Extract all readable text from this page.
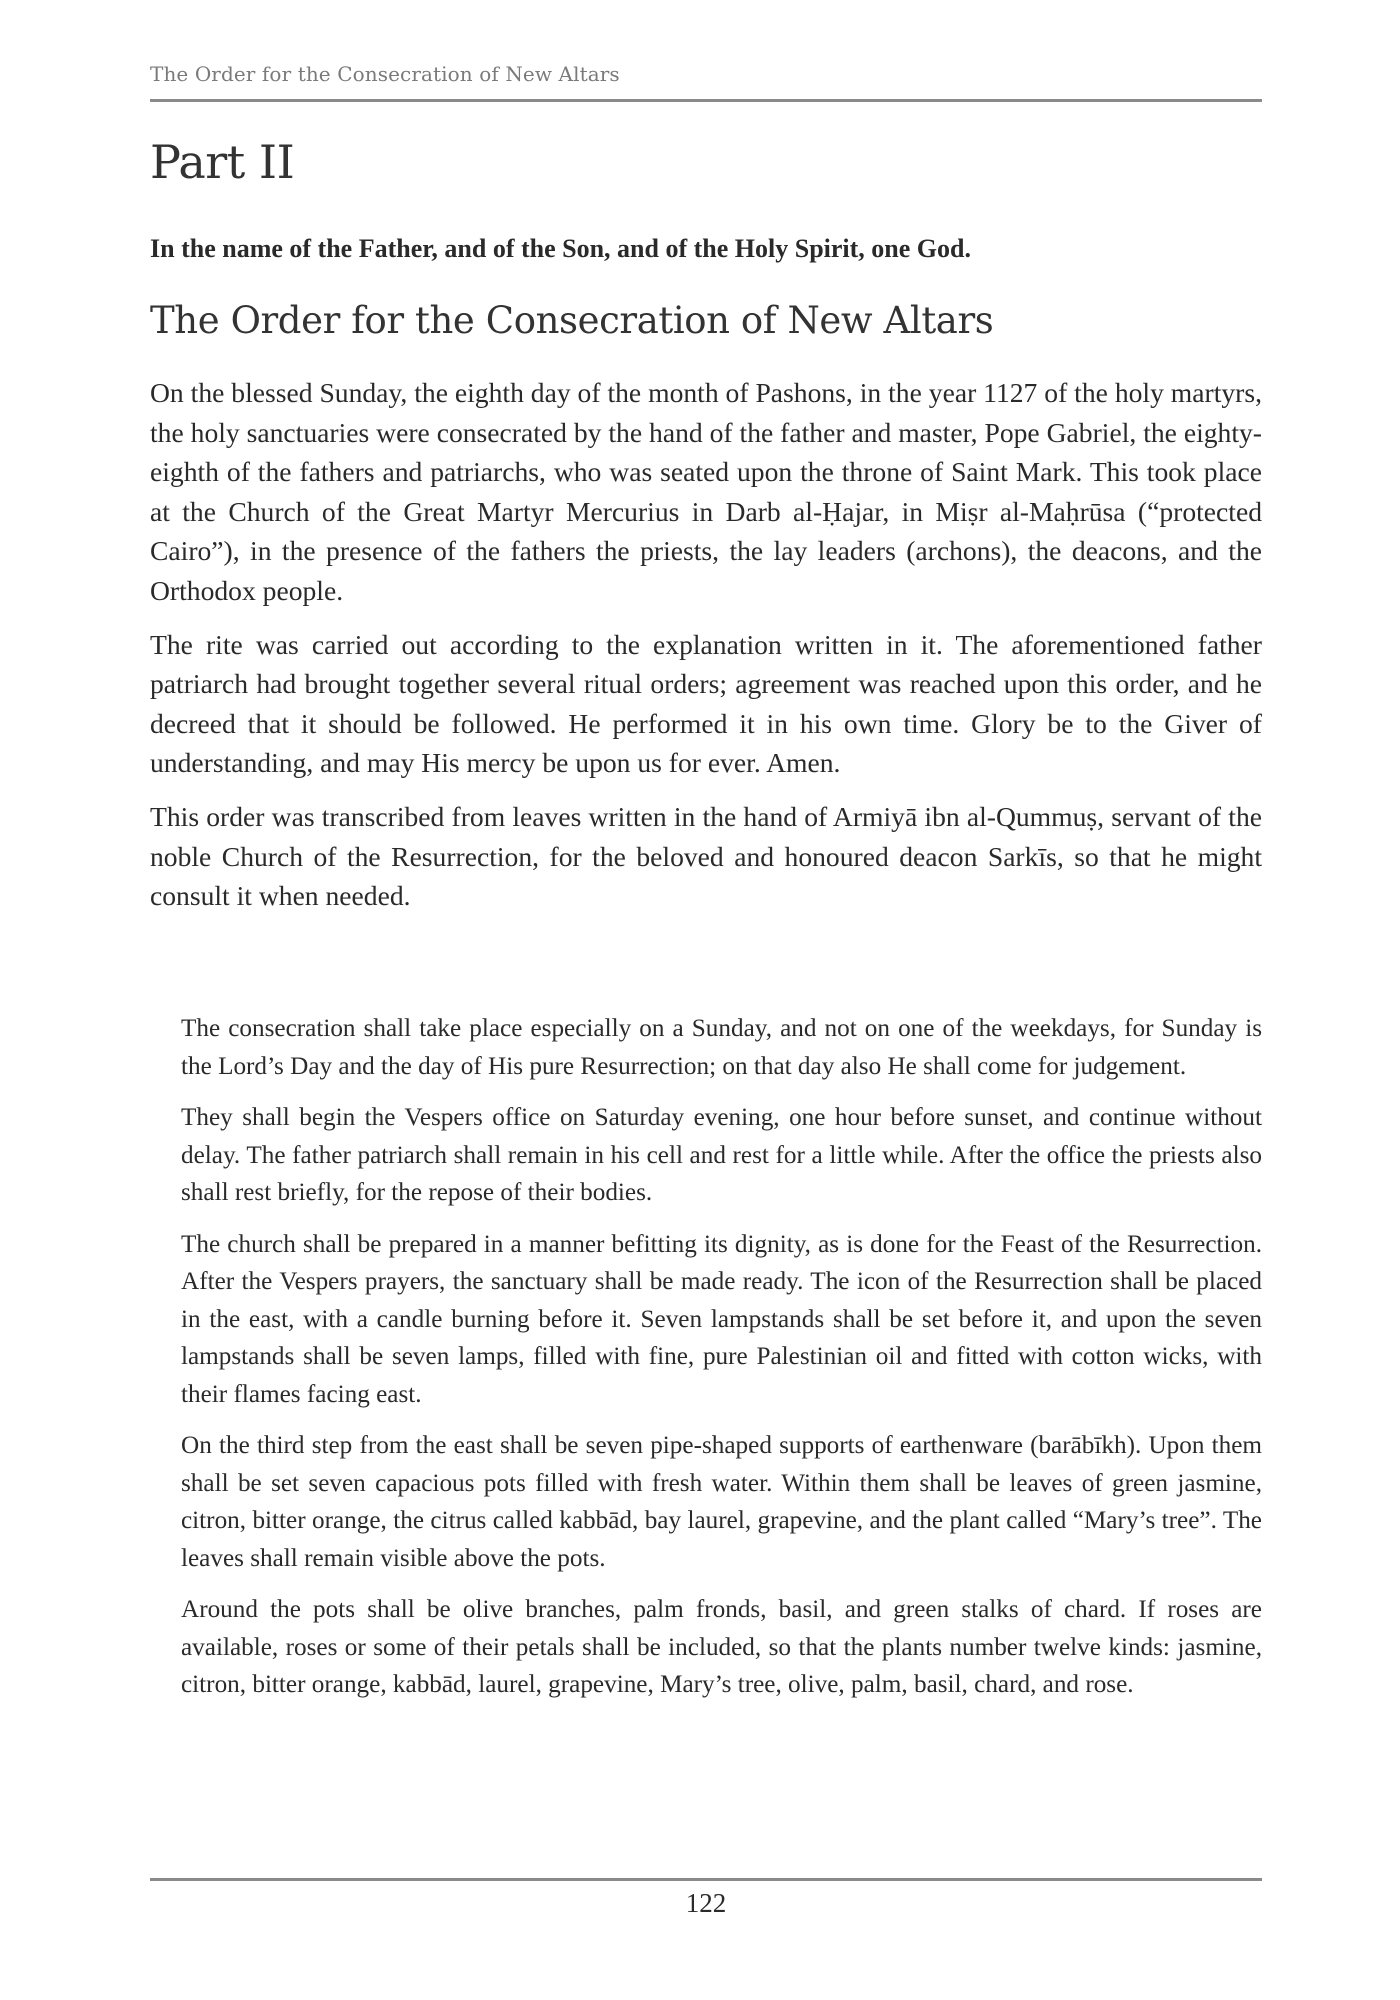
The Order for the Consecration of New Altars
Part II

In the name of the Father, and of the Son, and of the Holy Spirit, one God.

The Order for the Consecration of New Altars

On the blessed Sunday, the eighth day of the month of Pashons, in the year 1127 of the holy martyrs, the holy sanctuaries were consecrated by the hand of the father and master, Pope Gabriel, the eighty-eighth of the fathers and patriarchs, who was seated upon the throne of Saint Mark. This took place at the Church of the Great Martyr Mercurius in Darb al-Ḥajar, in Miṣr al-Maḥrūsa (“protected Cairo”), in the presence of the fathers the priests, the lay leaders (archons), the deacons, and the Orthodox people.

The rite was carried out according to the explanation written in it. The aforementioned father patriarch had brought together several ritual orders; agreement was reached upon this order, and he decreed that it should be followed. He performed it in his own time. Glory be to the Giver of understanding, and may His mercy be upon us for ever. Amen.

This order was transcribed from leaves written in the hand of Armiyā ibn al-Qummuṣ, servant of the noble Church of the Resurrection, for the beloved and honoured deacon Sarkīs, so that he might consult it when needed.

The consecration shall take place especially on a Sunday, and not on one of the weekdays, for Sunday is the Lord’s Day and the day of His pure Resurrection; on that day also He shall come for judgement.

They shall begin the Vespers office on Saturday evening, one hour before sunset, and continue without delay. The father patriarch shall remain in his cell and rest for a little while. After the office the priests also shall rest briefly, for the repose of their bodies.

The church shall be prepared in a manner befitting its dignity, as is done for the Feast of the Resurrection. After the Vespers prayers, the sanctuary shall be made ready. The icon of the Resurrection shall be placed in the east, with a candle burning before it. Seven lampstands shall be set before it, and upon the seven lampstands shall be seven lamps, filled with fine, pure Palestinian oil and fitted with cotton wicks, with their flames facing east.

On the third step from the east shall be seven pipe-shaped supports of earthenware (barābīkh). Upon them shall be set seven capacious pots filled with fresh water. Within them shall be leaves of green jasmine, citron, bitter orange, the citrus called kabbād, bay laurel, grapevine, and the plant called “Mary’s tree”. The leaves shall remain visible above the pots.

Around the pots shall be olive branches, palm fronds, basil, and green stalks of chard. If roses are available, roses or some of their petals shall be included, so that the plants number twelve kinds: jasmine, citron, bitter orange, kabbād, laurel, grapevine, Mary’s tree, olive, palm, basil, chard, and rose.

122
